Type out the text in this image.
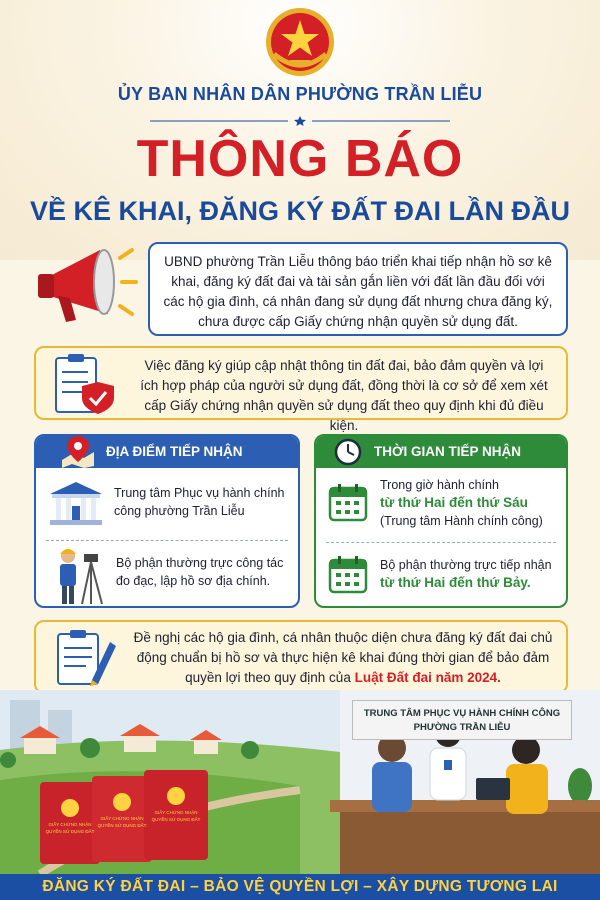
ỦY BAN NHÂN DÂN PHƯỜNG TRẦN LIỄU
THÔNG BÁO
VỀ KÊ KHAI, ĐĂNG KÝ ĐẤT ĐAI LẦN ĐẦU
UBND phường Trần Liễu thông báo triển khai tiếp nhận hồ sơ kê khai, đăng ký đất đai và tài sản gắn liền với đất lần đầu đối với các hộ gia đình, cá nhân đang sử dụng đất nhưng chưa đăng ký, chưa được cấp Giấy chứng nhận quyền sử dụng đất.
Việc đăng ký giúp cập nhật thông tin đất đai, bảo đảm quyền và lợi ích hợp pháp của người sử dụng đất, đồng thời là cơ sở để xem xét cấp Giấy chứng nhận quyền sử dụng đất theo quy định khi đủ điều kiện.
ĐỊA ĐIỂM TIẾP NHẬN
Trung tâm Phục vụ hành chính công phường Trần Liễu
Bộ phận thường trực công tác đo đạc, lập hồ sơ địa chính.
THỜI GIAN TIẾP NHẬN
Trong giờ hành chính
từ thứ Hai đến thứ Sáu
(Trung tâm Hành chính công)
Bộ phận thường trực tiếp nhận
từ thứ Hai đến thứ Bảy.
Đề nghị các hộ gia đình, cá nhân thuộc diện chưa đăng ký đất đai chủ động chuẩn bị hồ sơ và thực hiện kê khai đúng thời gian để bảo đảm quyền lợi theo quy định của Luật Đất đai năm 2024.
GIẤY CHỨNG NHẬN
QUYỀN SỬ DỤNG ĐẤT
GIẤY CHỨNG NHẬN
QUYỀN SỬ DỤNG ĐẤT
GIẤY CHỨNG NHẬN
QUYỀN SỬ DỤNG ĐẤT
TRUNG TÂM PHỤC VỤ HÀNH CHÍNH CÔNG
PHƯỜNG TRẦN LIỄU
ĐĂNG KÝ ĐẤT ĐAI – BẢO VỆ QUYỀN LỢI – XÂY DỰNG TƯƠNG LAI
